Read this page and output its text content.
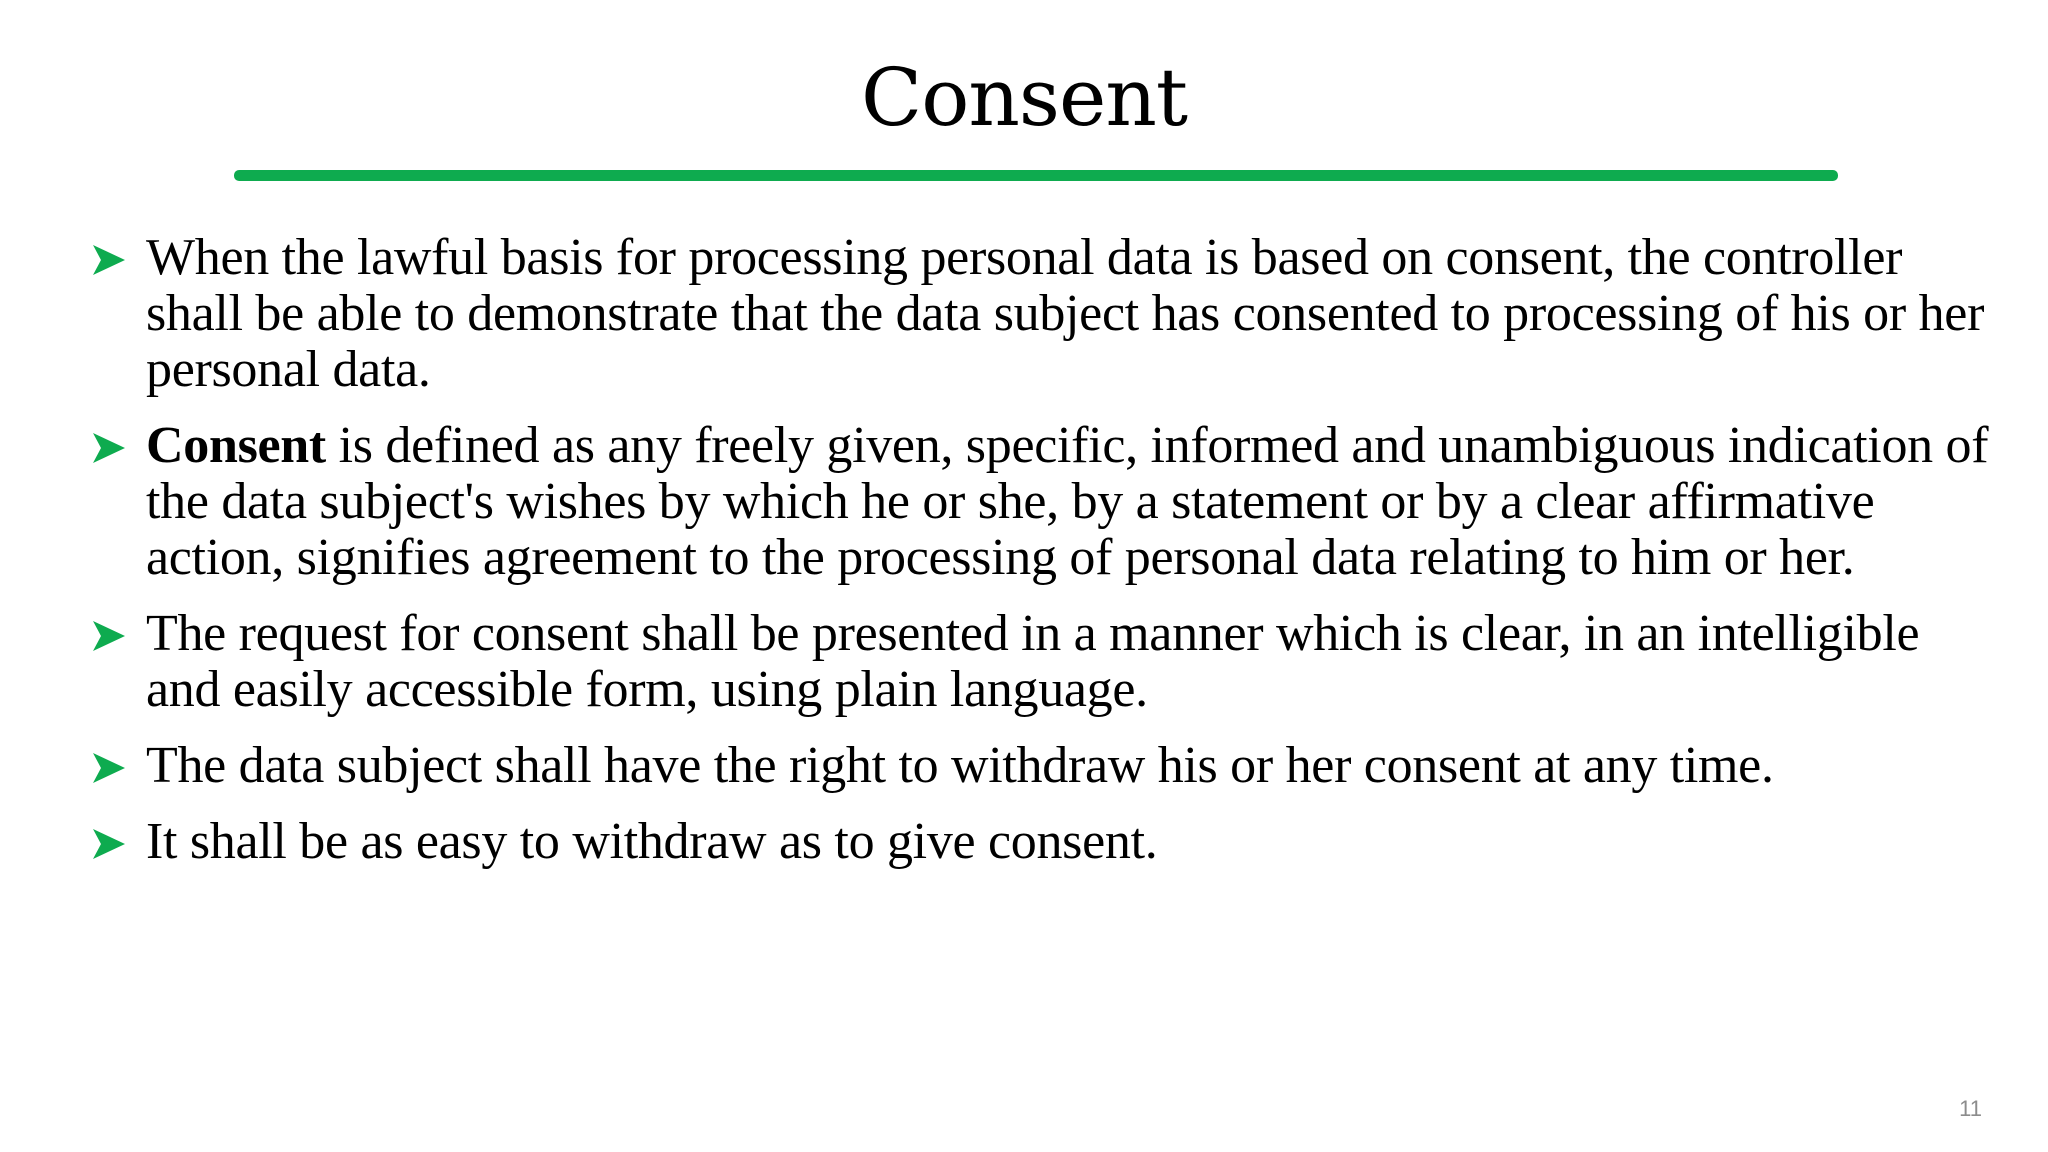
Consent
When the lawful basis for processing personal data is based on consent, the controller shall be able to demonstrate that the data subject has consented to processing of his or her personal data.
Consent is defined as any freely given, specific, informed and unambiguous indication of the data subject's wishes by which he or she, by a statement or by a clear affirmative action, signifies agreement to the processing of personal data relating to him or her.
The request for consent shall be presented in a manner which is clear, in an intelligible and easily accessible form, using plain language.
The data subject shall have the right to withdraw his or her consent at any time.
It shall be as easy to withdraw as to give consent.
11
